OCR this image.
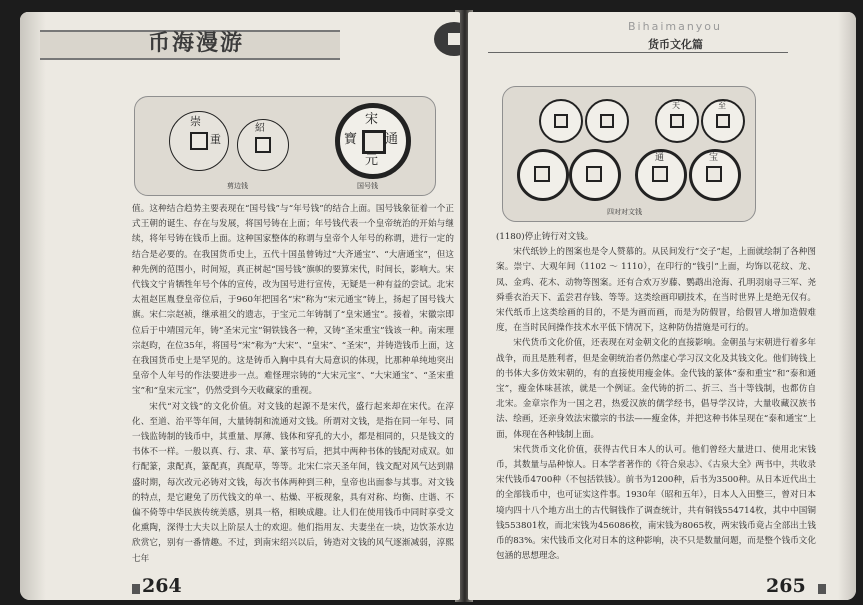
币海漫游
崇
重
紹
剪边钱
宋
元
通
寶
国号钱

值。这种结合趋势主要表现在“国号钱”与“年号钱”的结合上面。国号钱象征着一个正式王朝的诞生、存在与发展，将国号铸在上面；年号钱代表一个皇帝统治的开始与继续，将年号铸在钱币上面。这种国家整体的称谓与皇帝个人年号的称谓，进行一定的结合是必要的。在我国货币史上，五代十国虽曾铸过“大齐通宝”、“大唐通宝”，但这种先例的范围小，时间短，真正树起“国号钱”旗帜的要算宋代，时间长，影响大。宋代钱文宁肯牺牲年号个体的宣传，改为国号进行宣传，无疑是一种有益的尝试。北宋太祖赵匡胤登皇帝位后，于960年把国名“宋”称为“宋元通宝”铸上，扬起了国号钱大旗。宋仁宗赵祯，继承祖父的遗志，于宝元二年铸制了“皇宋通宝”。接着，宋徽宗即位后于中靖国元年，铸“圣宋元宝”铜铁钱各一种，又铸“圣宋重宝”钱该一种。南宋理宗赵昀，在位35年，将国号“宋”称为“大宋”、“皇宋”、“圣宋”，并铸造钱币上面，这在我国货币史上是罕见的。这是铸币入胸中具有大局意识的体现，比那种单纯地突出皇帝个人年号的作法要进步一点。难怪理宗铸的“大宋元宝”、“大宋通宝”、“圣宋重宝”和“皇宋元宝”，仍然受到今天收藏家的重视。

宋代“对文钱”的文化价值。对文钱的起源不是宋代，盛行起来却在宋代。在淳化、至道、治平等年间，大量铸制和流通对文钱。所谓对文钱，是指在同一年号、同一钱监铸制的钱币中，其重量、厚薄、钱体和穿孔的大小，都是相同的，只是钱文的书体不一样。一般以真、行、隶、草、篆书写后，把其中两种书体的钱配对成双。如行配篆，隶配真，篆配真，真配草，等等。北宋仁宗天圣年间，钱文配对风气达到鼎盛时期，每次改元必铸对文钱，每次书体两种到三种，皇帝也出面参与其事。对文钱的特点，是它避免了历代钱文的单一、枯燥、平板现象，具有对称、均衡、庄谐、不偏不倚等中华民族传统美感，别具一格，相映成趣。让人们在使用钱币中同时享受文化熏陶，深得士大夫以上阶层人士的欢迎。他们指用友、夫妻坐在一块，边饮茶水边欣赏它，别有一番情趣。不过，到南宋绍兴以后，铸造对文钱的风气逐渐减弱，淳熙七年

264
Bihaimanyou
货币文化篇
天	至
通	宝
四对对文钱

(1180)停止铸行对文钱。

宋代纸钞上的图案也是令人赞慕的。从民间发行“交子”起，上面就绘制了各种图案。崇宁、大观年间（1102 ～ 1110），在印行的“钱引”上面，均饰以花纹、龙、凤、金鸡、花木、动物等图案。还有合欢万岁藤、鹦鹉出沧海、孔明羽扇寻三军、尧舜垂衣治天下、孟尝君存钱、等等。这类绘画印刷技术，在当时世界上是绝无仅有。宋代纸币上这类绘画的目的，不是为画而画，而是为防假冒，给假冒人增加造假难度，在当时民间操作技术水平低下情况下，这种防伪措施是可行的。

宋代货币文化价值，还表现在对金朝文化的直接影响。金朝虽与宋朝进行着多年战争，而且是胜利者，但是金朝统治者仍然虚心学习汉文化及其钱文化。他们铸钱上的书体大多仿效宋朝的，有的直接使用瘦金体。金代钱的篆体“泰和重宝”和“泰和通宝”，瘦金体味甚浓，就是一个例证。金代铸的折二、折三、当十等钱制，也都仿自北宋。金章宗作为一国之君，热爱汉族的儒学经书，倡导学汉诗，大量收藏汉族书法、绘画，还亲身效法宋徽宗的书法——瘦金体，并把这种书体呈现在“泰和通宝”上面，体现在各种钱制上面。

宋代货币文化价值，获得古代日本人的认可。他们曾经大量进口、使用北宋钱币，其数量与品种惊人。日本学者著作的《符合泉志》、《古泉大全》两书中，共收录宋代钱币4700种（不包括铁钱）。前书为1200种，后书为3500种。从日本近代出土的全部钱币中，也可证实这件事。1930年（昭和五年），日本人入田整三，曾对日本境内四十八个地方出土的古代铜钱作了调查统计，共有铜钱554714枚，其中中国铜钱553801枚，而北宋钱为456086枚，南宋钱为8065枚，两宋钱币竟占全部出土钱币的83%。宋代钱币文化对日本的这种影响，决不只是数量问题，而是整个钱币文化包涵的思想理念。

265
